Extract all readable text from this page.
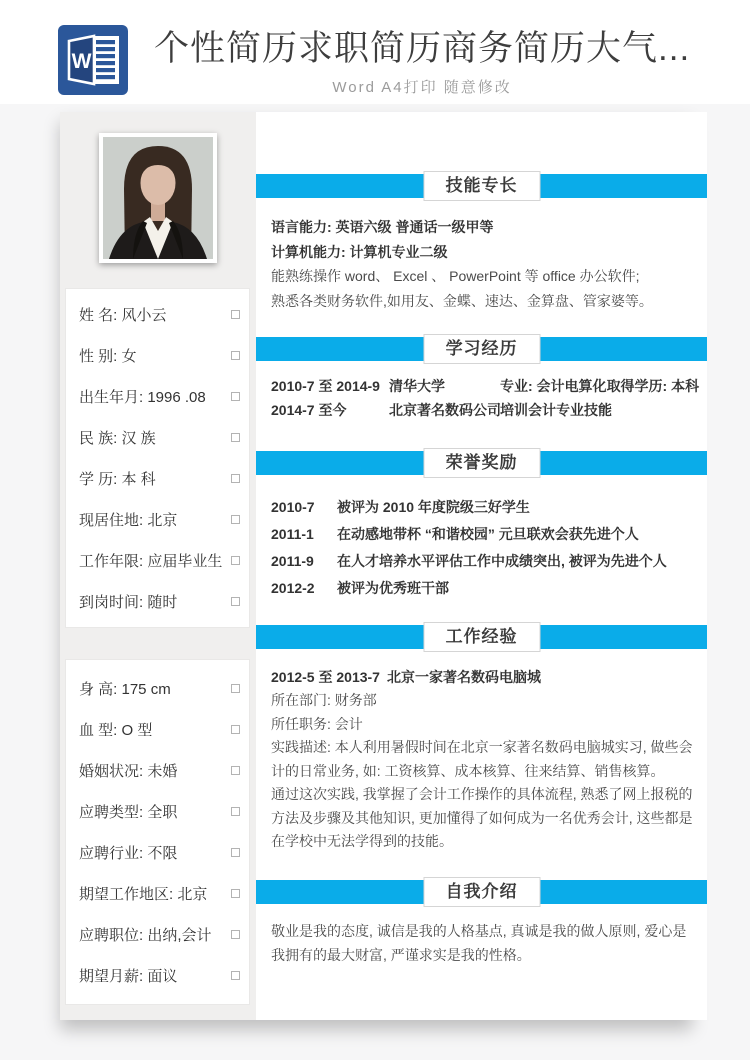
W 个性简历求职简历商务简历大气...
Word A4打印 随意修改
姓 名: 风小云
性 别: 女
出生年月: 1996 .08
民 族: 汉 族
学 历: 本 科
现居住地: 北京
工作年限: 应届毕业生
到岗时间: 随时
身 高: 175 cm
血 型: O 型
婚姻状况: 未婚
应聘类型: 全职
应聘行业: 不限
期望工作地区: 北京
应聘职位: 出纳,会计
期望月薪: 面议
技能专长

语言能力: 英语六级 普通话一级甲等

计算机能力: 计算机专业二级

能熟练操作 word、 Excel 、 PowerPoint 等 office 办公软件;

熟悉各类财务软件,如用友、金蝶、速达、金算盘、管家婆等。

学习经历
2010-7 至 2014-9 清华大学	专业: 会计电算化 取得学历: 本科
2014-7 至今	北京著名数码公司 培训会计专业技能
荣誉奖励
2010-7	被评为 2010 年度院级三好学生
2011-1	在动感地带杯 “和谐校园” 元旦联欢会获先进个人
2011-9	在人才培养水平评估工作中成绩突出, 被评为先进个人
2012-2	被评为优秀班干部
工作经验
2012-5 至 2013-7 北京一家著名数码电脑城

所在部门: 财务部

所任职务: 会计

实践描述: 本人利用暑假时间在北京一家著名数码电脑城实习, 做些会计的日常业务, 如: 工资核算、成本核算、往来结算、销售核算。

通过这次实践, 我掌握了会计工作操作的具体流程, 熟悉了网上报税的方法及步骤及其他知识, 更加懂得了如何成为一名优秀会计, 这些都是在学校中无法学得到的技能。

自我介绍

敬业是我的态度, 诚信是我的人格基点, 真诚是我的做人原则, 爱心是我拥有的最大财富, 严谨求实是我的性格。
